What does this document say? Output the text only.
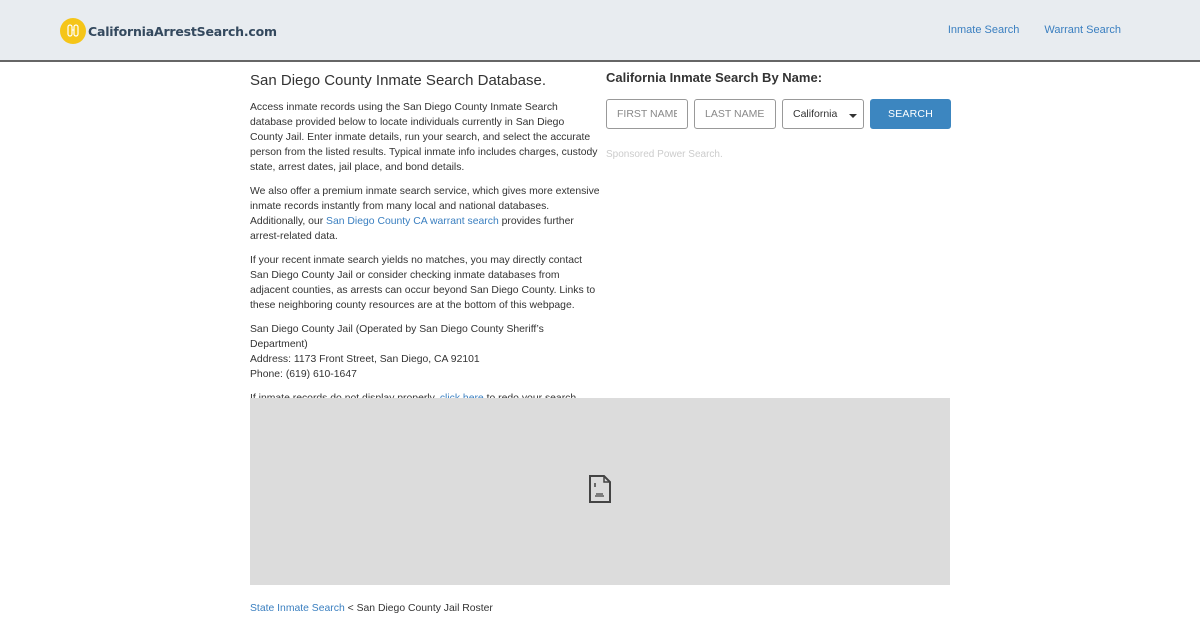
CaliforniaArrestSearch.com	Inmate Search Warrant Search
San Diego County Inmate Search Database.

Access inmate records using the San Diego County Inmate Search database provided below to locate individuals currently in San Diego County Jail. Enter inmate details, run your search, and select the accurate person from the listed results. Typical inmate info includes charges, custody state, arrest dates, jail place, and bond details.

We also offer a premium inmate search service, which gives more extensive inmate records instantly from many local and national databases. Additionally, our San Diego County CA warrant search provides further arrest-related data.

If your recent inmate search yields no matches, you may directly contact San Diego County Jail or consider checking inmate databases from adjacent counties, as arrests can occur beyond San Diego County. Links to these neighboring county resources are at the bottom of this webpage.

San Diego County Jail (Operated by San Diego County Sheriff’s Department)
Address: 1173 Front Street, San Diego, CA 92101
Phone: (619) 610-1647

California Inmate Search By Name:
FIRST NAME
LAST NAME
California	SEARCH
Sponsored Power Search.
State Inmate Search < San Diego County Jail Roster
